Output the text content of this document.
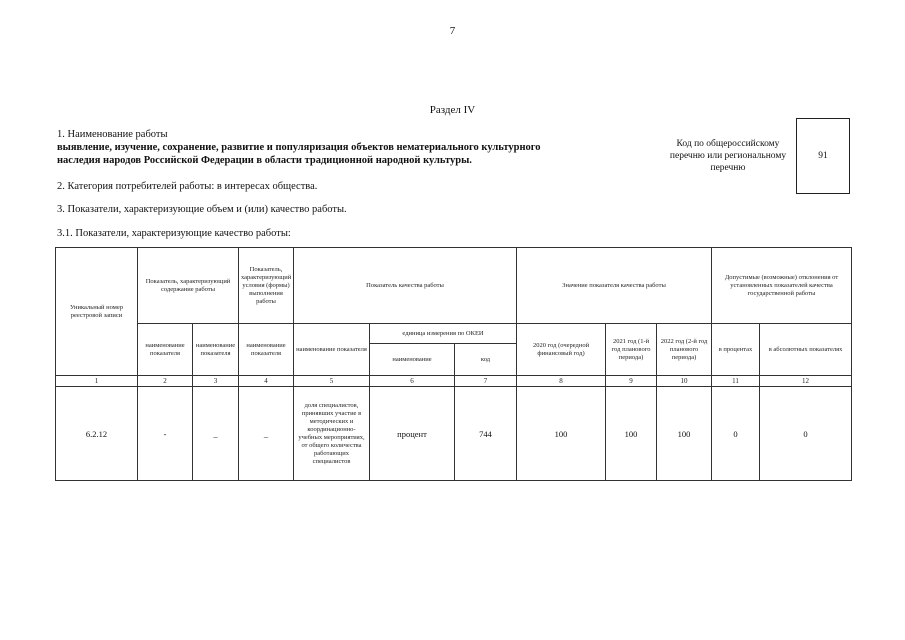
7
Раздел IV
1. Наименование работы
выявление, изучение, сохранение, развитие и популяризация объектов нематериального культурного
наследия народов Российской Федерации в области традиционной народной культуры.
Код по общероссийскому
перечню или региональному
перечню
91
2. Категория потребителей работы: в интересах общества.
3. Показатели, характеризующие объем и (или) качество работы.
3.1. Показатели, характеризующие качество работы:
Уникальный номер реестровой записи	Показатель, характеризующий содержание работы		Показатель, характеризующий условия (формы) выполнения работы	Показатель качества работы			Значение показателя качества работы			Допустимые (возможные) отклонения от установленных показателей качества государственной работы	
	наименование показателя	наименование показателя	наименование показателя	наименование показателя	единица измерения по ОКЕИ		2020 год (очередной финансовый год)	2021 год (1-й год планового периода)	2022 год (2-й год планового периода)	в процентах	в абсолютных показателях
					наименование	код					
1	2	3	4	5	6	7	8	9	10	11	12
6.2.12	-	_	_	доля специалистов, принявших участие в методических и координационно-учебных мероприятиях, от общего количества работающих специалистов	процент	744	100	100	100	0	0
